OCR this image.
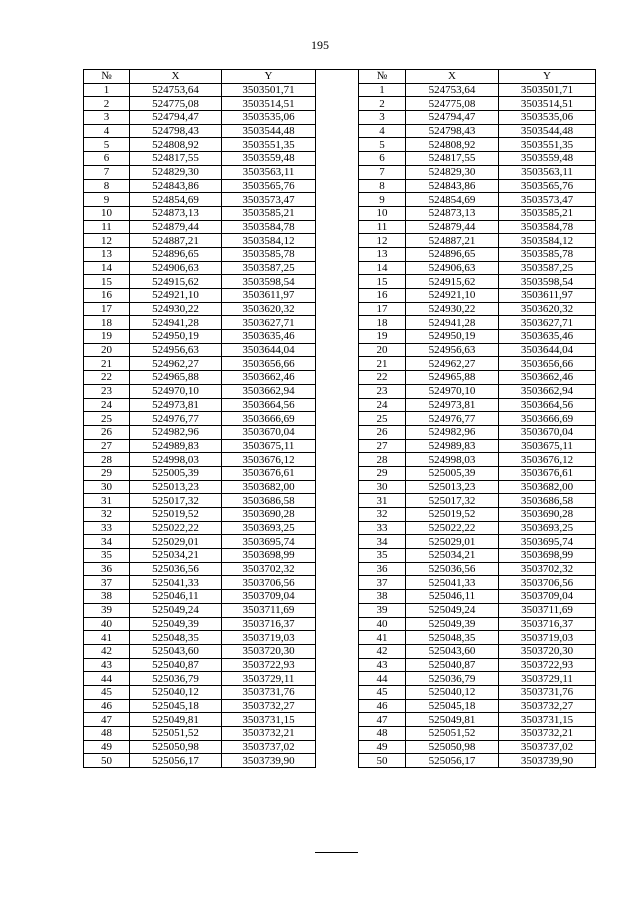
195
№	X	Y
1	524753,64	3503501,71
2	524775,08	3503514,51
3	524794,47	3503535,06
4	524798,43	3503544,48
5	524808,92	3503551,35
6	524817,55	3503559,48
7	524829,30	3503563,11
8	524843,86	3503565,76
9	524854,69	3503573,47
10	524873,13	3503585,21
11	524879,44	3503584,78
12	524887,21	3503584,12
13	524896,65	3503585,78
14	524906,63	3503587,25
15	524915,62	3503598,54
16	524921,10	3503611,97
17	524930,22	3503620,32
18	524941,28	3503627,71
19	524950,19	3503635,46
20	524956,63	3503644,04
21	524962,27	3503656,66
22	524965,88	3503662,46
23	524970,10	3503662,94
24	524973,81	3503664,56
25	524976,77	3503666,69
26	524982,96	3503670,04
27	524989,83	3503675,11
28	524998,03	3503676,12
29	525005,39	3503676,61
30	525013,23	3503682,00
31	525017,32	3503686,58
32	525019,52	3503690,28
33	525022,22	3503693,25
34	525029,01	3503695,74
35	525034,21	3503698,99
36	525036,56	3503702,32
37	525041,33	3503706,56
38	525046,11	3503709,04
39	525049,24	3503711,69
40	525049,39	3503716,37
41	525048,35	3503719,03
42	525043,60	3503720,30
43	525040,87	3503722,93
44	525036,79	3503729,11
45	525040,12	3503731,76
46	525045,18	3503732,27
47	525049,81	3503731,15
48	525051,52	3503732,21
49	525050,98	3503737,02
50	525056,17	3503739,90
№	X	Y
1	524753,64	3503501,71
2	524775,08	3503514,51
3	524794,47	3503535,06
4	524798,43	3503544,48
5	524808,92	3503551,35
6	524817,55	3503559,48
7	524829,30	3503563,11
8	524843,86	3503565,76
9	524854,69	3503573,47
10	524873,13	3503585,21
11	524879,44	3503584,78
12	524887,21	3503584,12
13	524896,65	3503585,78
14	524906,63	3503587,25
15	524915,62	3503598,54
16	524921,10	3503611,97
17	524930,22	3503620,32
18	524941,28	3503627,71
19	524950,19	3503635,46
20	524956,63	3503644,04
21	524962,27	3503656,66
22	524965,88	3503662,46
23	524970,10	3503662,94
24	524973,81	3503664,56
25	524976,77	3503666,69
26	524982,96	3503670,04
27	524989,83	3503675,11
28	524998,03	3503676,12
29	525005,39	3503676,61
30	525013,23	3503682,00
31	525017,32	3503686,58
32	525019,52	3503690,28
33	525022,22	3503693,25
34	525029,01	3503695,74
35	525034,21	3503698,99
36	525036,56	3503702,32
37	525041,33	3503706,56
38	525046,11	3503709,04
39	525049,24	3503711,69
40	525049,39	3503716,37
41	525048,35	3503719,03
42	525043,60	3503720,30
43	525040,87	3503722,93
44	525036,79	3503729,11
45	525040,12	3503731,76
46	525045,18	3503732,27
47	525049,81	3503731,15
48	525051,52	3503732,21
49	525050,98	3503737,02
50	525056,17	3503739,90
